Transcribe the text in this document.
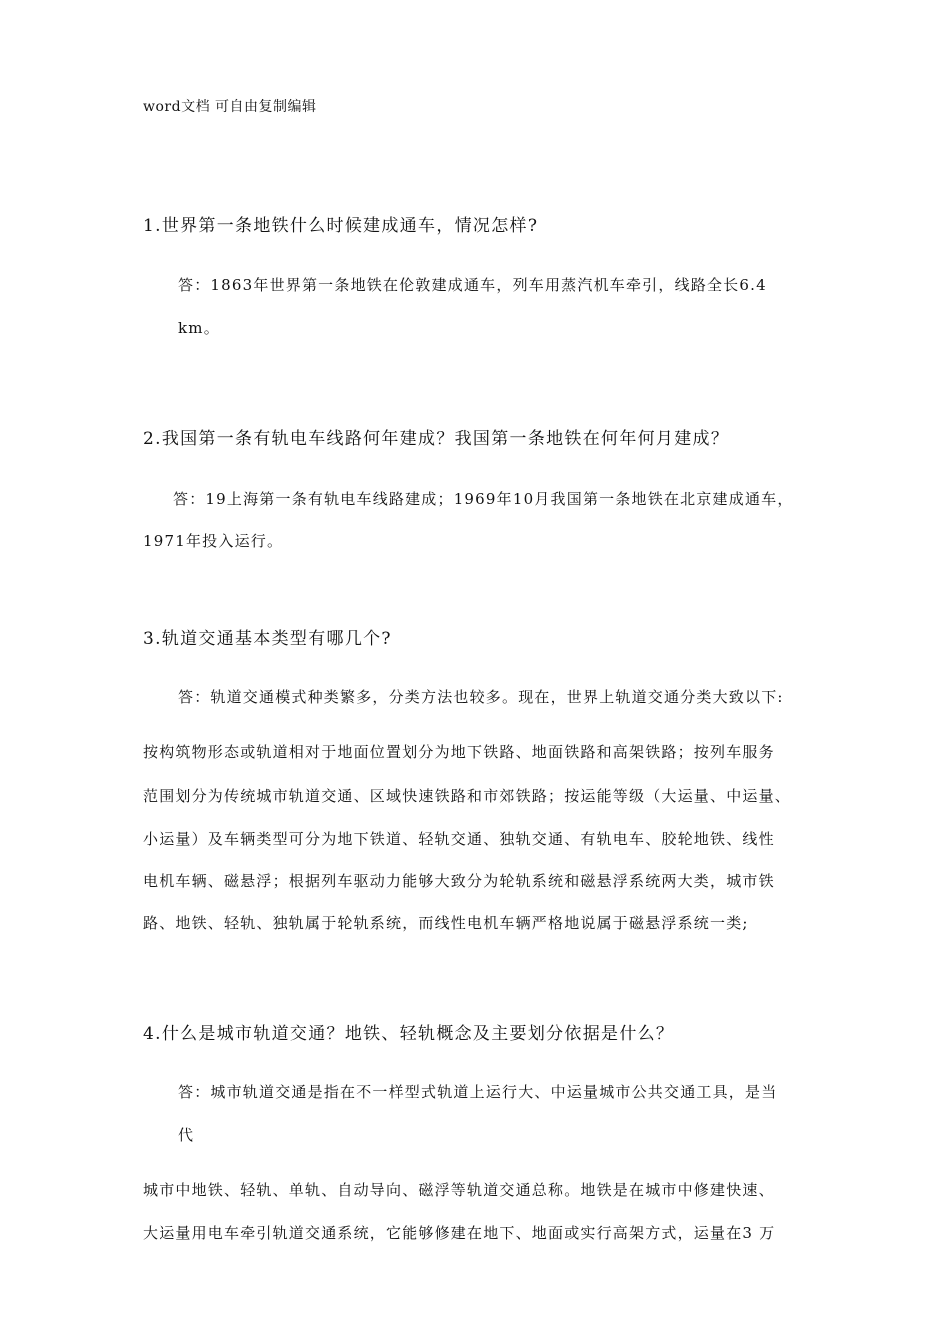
word文档 可自由复制编辑
1.世界第一条地铁什么时候建成通车，情况怎样?
答：1863年世界第一条地铁在伦敦建成通车，列车用蒸汽机车牵引，线路全长6.4
km。
2.我国第一条有轨电车线路何年建成？我国第一条地铁在何年何月建成？
答：19上海第一条有轨电车线路建成；1969年10月我国第一条地铁在北京建成通车，
1971年投入运行。
3.轨道交通基本类型有哪几个?
答：轨道交通模式种类繁多，分类方法也较多。现在，世界上轨道交通分类大致以下:
按构筑物形态或轨道相对于地面位置划分为地下铁路、地面铁路和高架铁路；按列车服务
范围划分为传统城市轨道交通、区域快速铁路和市郊铁路；按运能等级（大运量、中运量、
小运量）及车辆类型可分为地下铁道、轻轨交通、独轨交通、有轨电车、胶轮地铁、线性
电机车辆、磁悬浮；根据列车驱动力能够大致分为轮轨系统和磁悬浮系统两大类，城市铁
路、地铁、轻轨、独轨属于轮轨系统，而线性电机车辆严格地说属于磁悬浮系统一类;
4.什么是城市轨道交通？地铁、轻轨概念及主要划分依据是什么？
答：城市轨道交通是指在不一样型式轨道上运行大、中运量城市公共交通工具，是当
代
城市中地铁、轻轨、单轨、自动导向、磁浮等轨道交通总称。地铁是在城市中修建快速、
大运量用电车牵引轨道交通系统，它能够修建在地下、地面或实行高架方式，运量在3 万
